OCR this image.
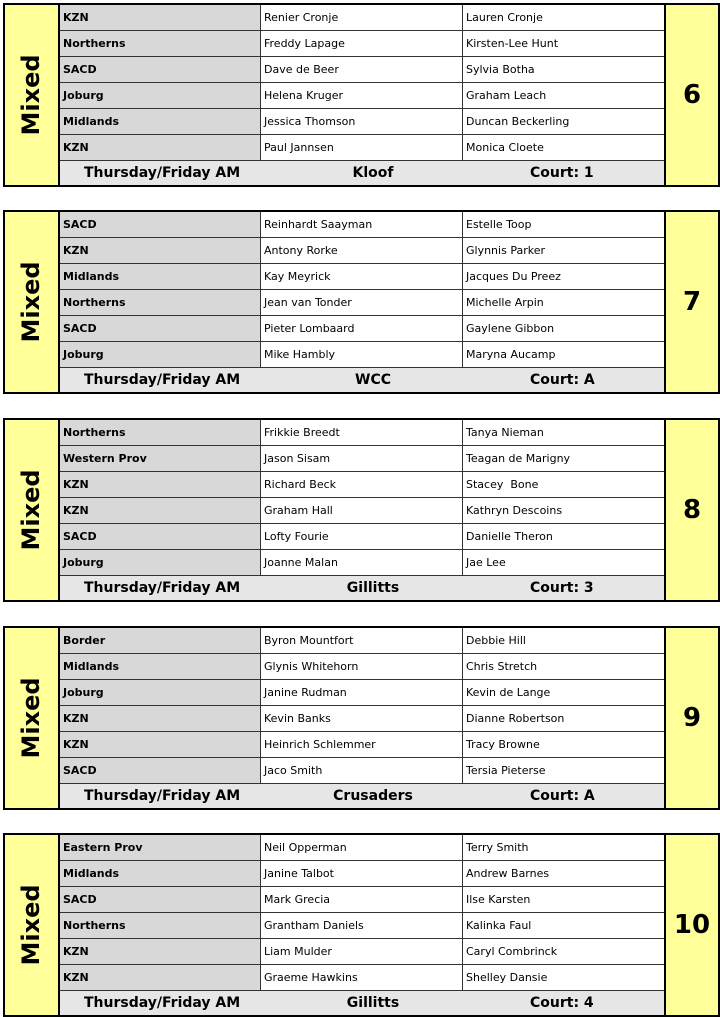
Mixed
KZN	Renier Cronje	Lauren Cronje
Northerns	Freddy Lapage	Kirsten-Lee Hunt
SACD	Dave de Beer	Sylvia Botha
Joburg	Helena Kruger	Graham Leach
Midlands	Jessica Thomson	Duncan Beckerling
KZN	Paul Jannsen	Monica Cloete
Thursday/Friday AM	Kloof	Court: 1
6
Mixed
SACD	Reinhardt Saayman	Estelle Toop
KZN	Antony Rorke	Glynnis Parker
Midlands	Kay Meyrick	Jacques Du Preez
Northerns	Jean van Tonder	Michelle Arpin
SACD	Pieter Lombaard	Gaylene Gibbon
Joburg	Mike Hambly	Maryna Aucamp
Thursday/Friday AM	WCC	Court: A
7
Mixed
Northerns	Frikkie Breedt	Tanya Nieman
Western Prov	Jason Sisam	Teagan de Marigny
KZN	Richard Beck	Stacey  Bone
KZN	Graham Hall	Kathryn Descoins
SACD	Lofty Fourie	Danielle Theron
Joburg	Joanne Malan	Jae Lee
Thursday/Friday AM	Gillitts	Court: 3
8
Mixed
Border	Byron Mountfort	Debbie Hill
Midlands	Glynis Whitehorn	Chris Stretch
Joburg	Janine Rudman	Kevin de Lange
KZN	Kevin Banks	Dianne Robertson
KZN	Heinrich Schlemmer	Tracy Browne
SACD	Jaco Smith	Tersia Pieterse
Thursday/Friday AM	Crusaders	Court: A
9
Mixed
Eastern Prov	Neil Opperman	Terry Smith
Midlands	Janine Talbot	Andrew Barnes
SACD	Mark Grecia	Ilse Karsten
Northerns	Grantham Daniels	Kalinka Faul
KZN	Liam Mulder	Caryl Combrinck
KZN	Graeme Hawkins	Shelley Dansie
Thursday/Friday AM	Gillitts	Court: 4
10
